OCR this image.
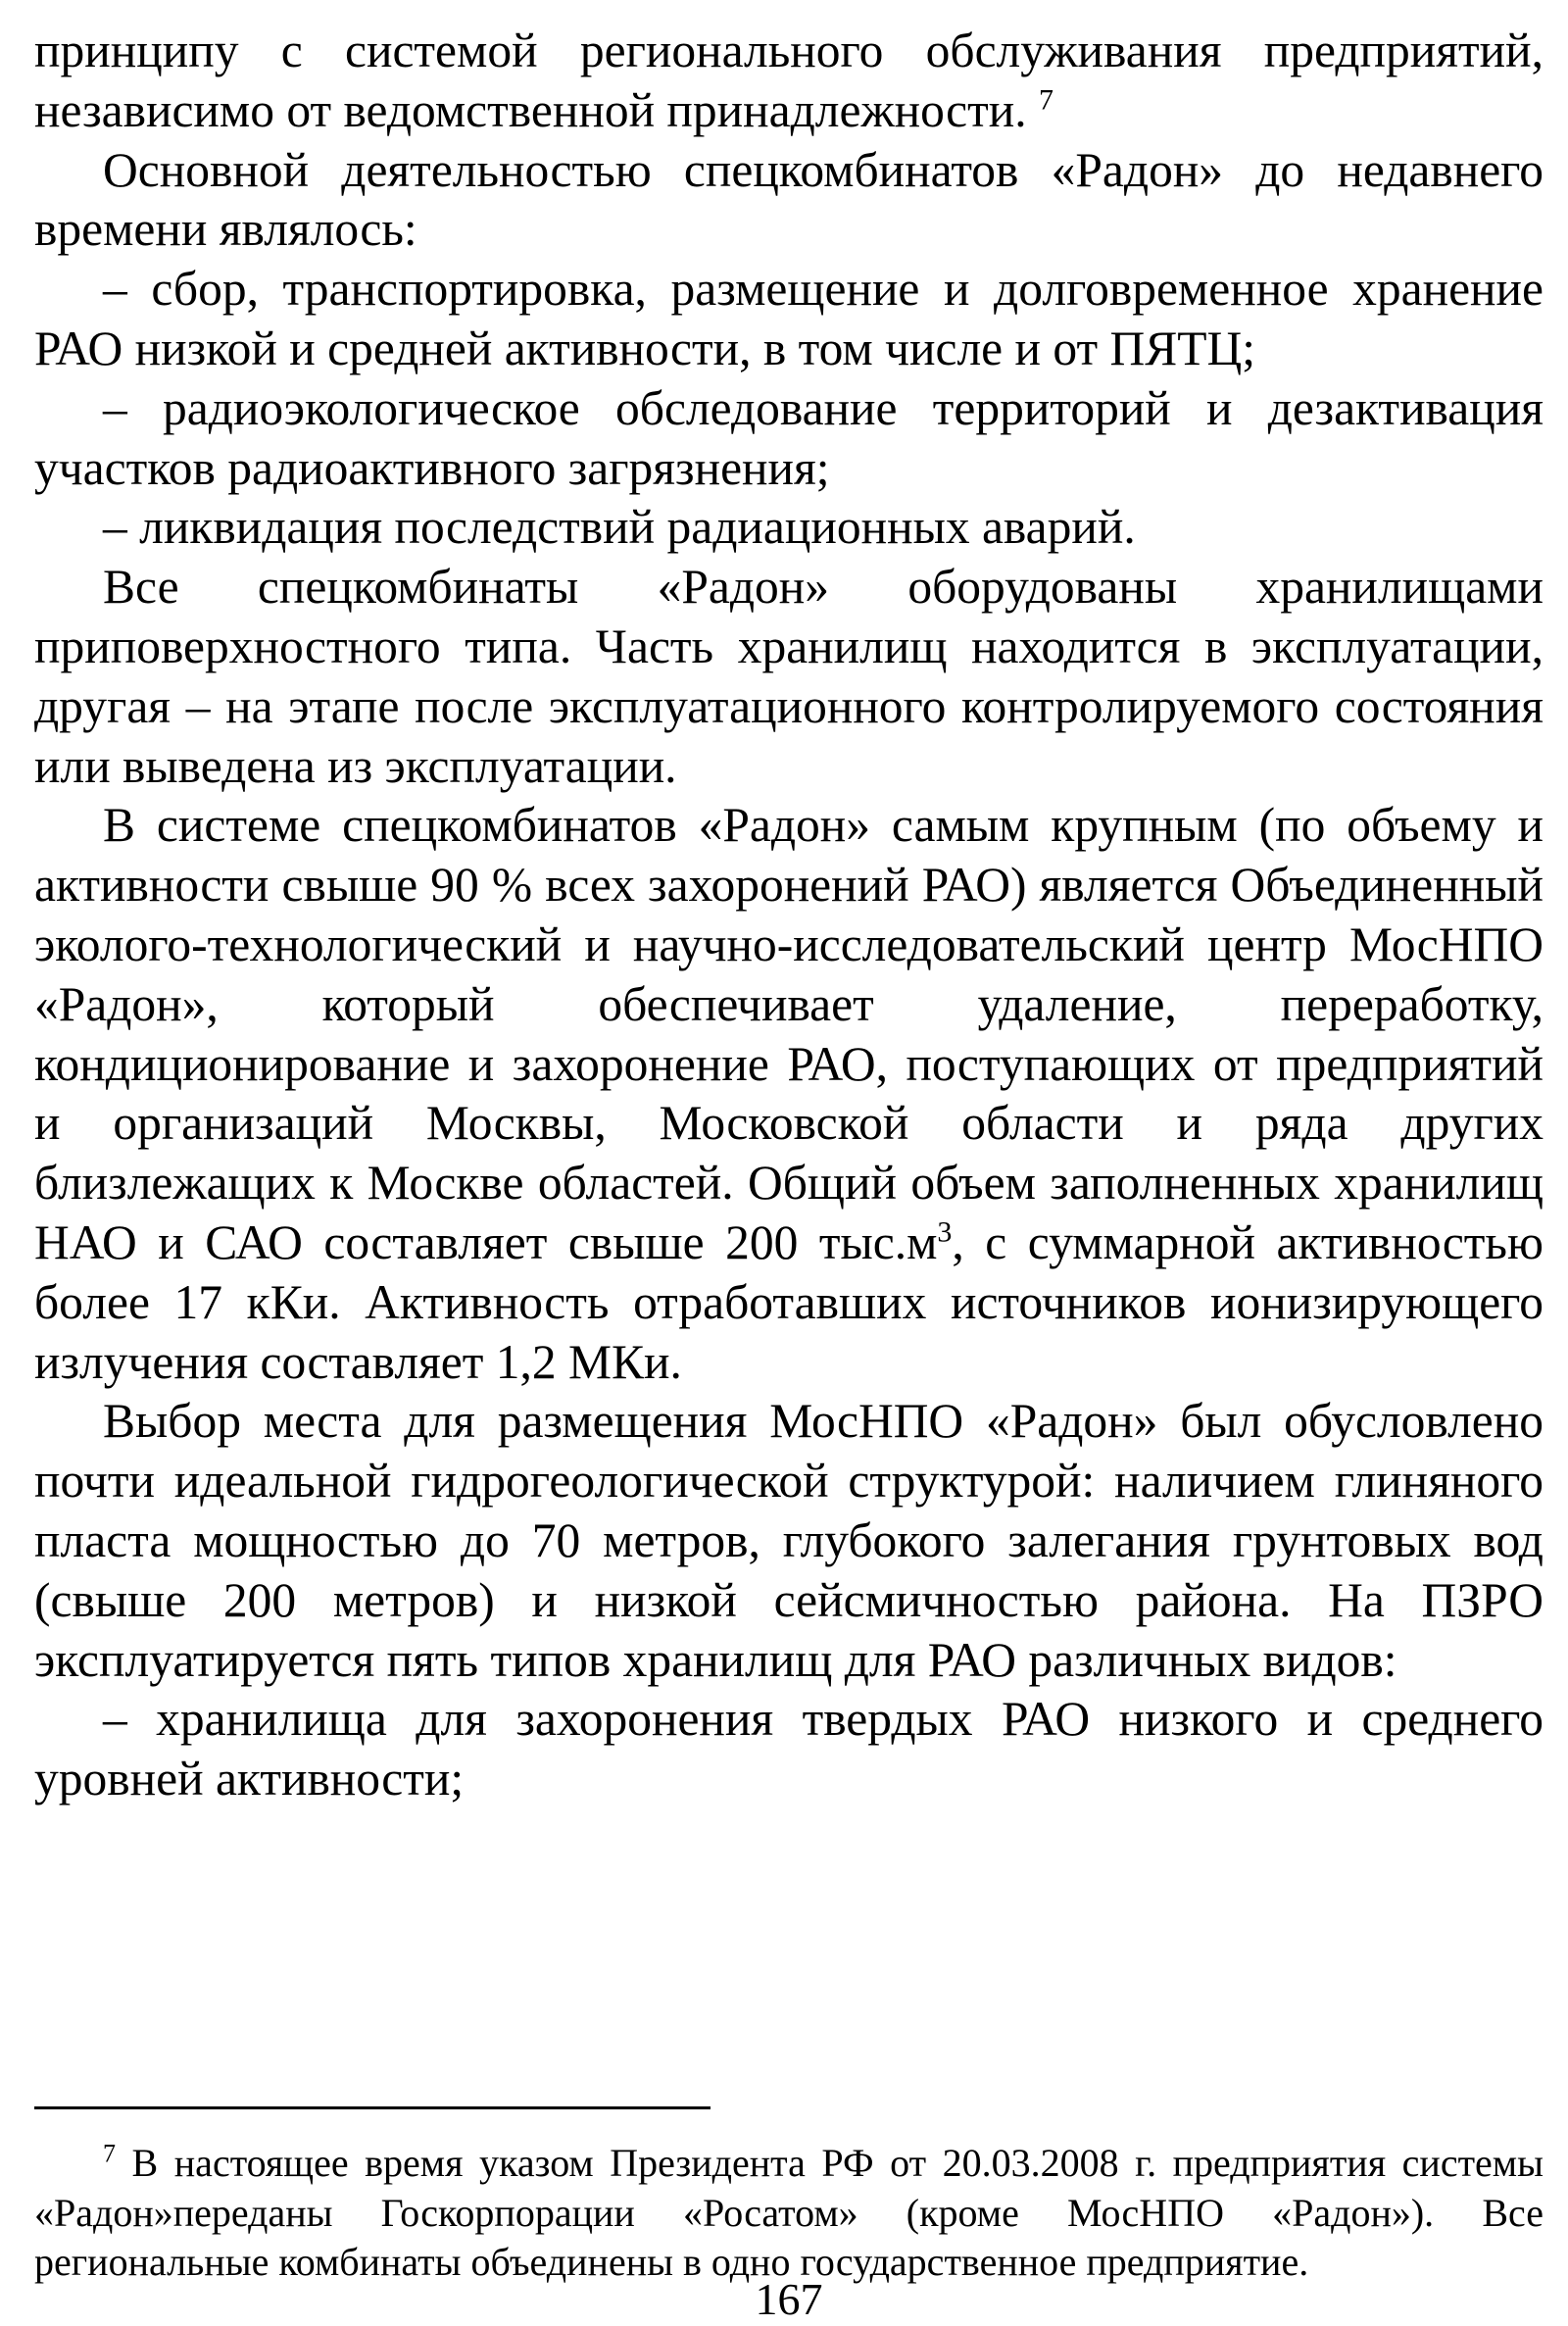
принципу с системой регионального обслуживания предприятий, независимо от ведомственной принадлежности. $^7$

Основной деятельностью спецкомбинатов «Радон» до недавнего времени являлось:

– сбор, транспортировка, размещение и долговременное хранение РАО низкой и средней активности, в том числе и от ПЯТЦ;

– радиоэкологическое обследование территорий и дезактивация участков радиоактивного загрязнения;

– ликвидация последствий радиационных аварий.

Все спецкомбинаты «Радон» оборудованы хранилищами приповерхностного типа. Часть хранилищ находится в эксплуатации, другая – на этапе после эксплуатационного контролируемого состояния или выведена из эксплуатации.

В системе спецкомбинатов «Радон» самым крупным (по объему и активности свыше 90 % всех захоронений РАО) является Объединенный эколого-технологический и научно-исследовательский центр МосНПО «Радон», который обеспечивает удаление, переработку, кондиционирование и захоронение РАО, поступающих от предприятий и организаций Москвы, Московской области и ряда других близлежащих к Москве областей. Общий объем заполненных хранилищ НАО и САО составляет свыше 200 $тыс.м^3$, с суммарной активностью более 17 кКи. Активность отработавших источников ионизирующего излучения составляет 1,2 МКи.

Выбор места для размещения МосНПО «Радон» был обусловлено почти идеальной гидрогеологической структурой: наличием глиняного пласта мощностью до 70 метров, глубокого залегания грунтовых вод (свыше 200 метров) и низкой сейсмичностью района. На ПЗРО эксплуатируется пять типов хранилищ для РАО различных видов:

– хранилища для захоронения твердых РАО низкого и среднего уровней активности;

$^7$ В настоящее время указом Президента РФ от 20.03.2008 г. предприятия системы «Радон»переданы Госкорпорации «Росатом» (кроме МосНПО «Радон»). Все региональные комбинаты объединены в одно государственное предприятие.

167
